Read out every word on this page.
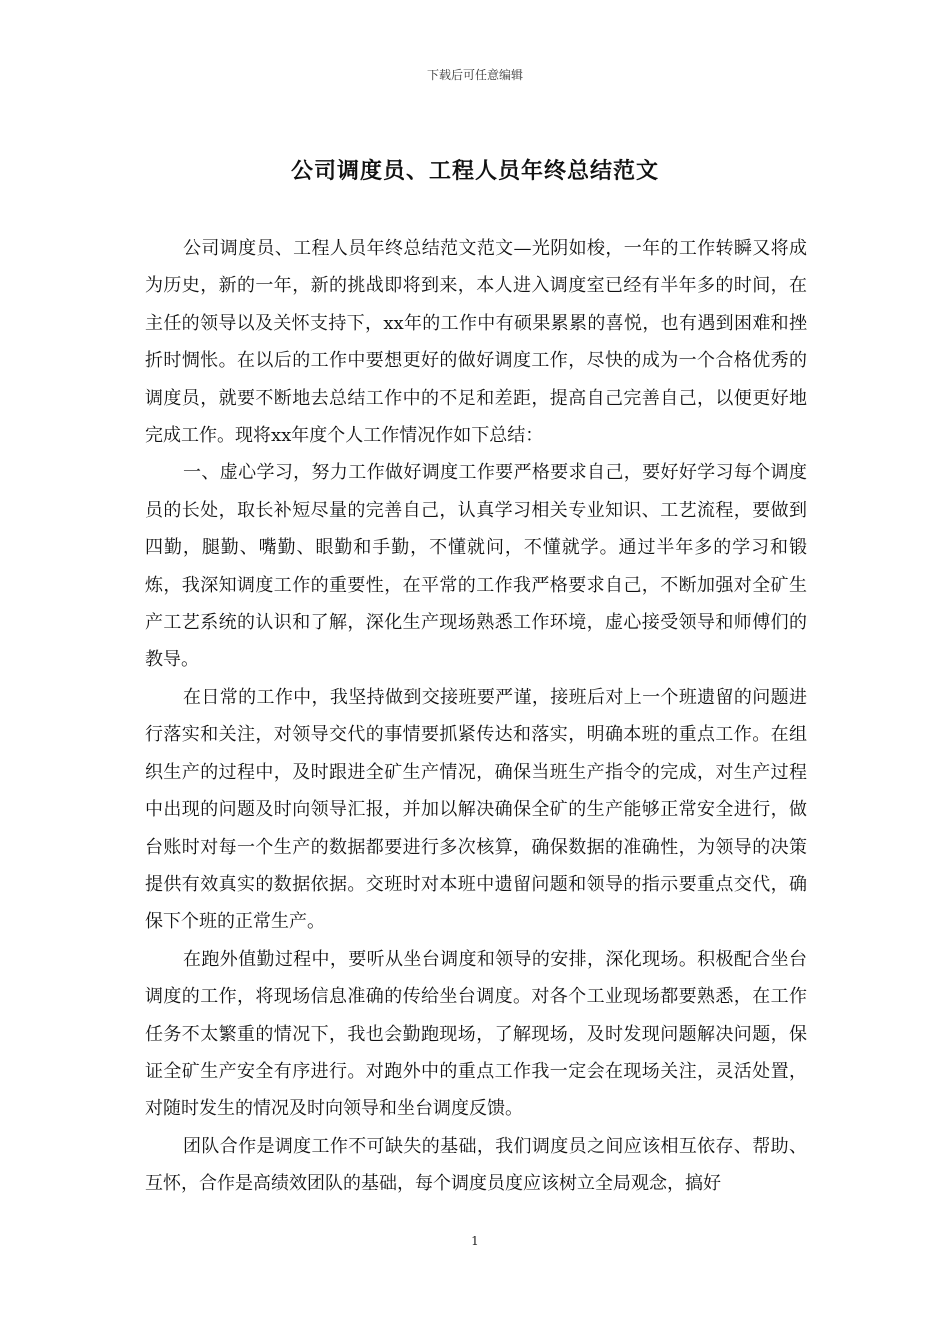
下载后可任意编辑
公司调度员、工程人员年终总结范文

公司调度员、工程人员年终总结范文范文—光阴如梭，一年的工作转瞬又将成为历史，新的一年，新的挑战即将到来，本人进入调度室已经有半年多的时间，在主任的领导以及关怀支持下，xx年的工作中有硕果累累的喜悦，也有遇到困难和挫折时惆怅。在以后的工作中要想更好的做好调度工作，尽快的成为一个合格优秀的调度员，就要不断地去总结工作中的不足和差距，提高自己完善自己，以便更好地完成工作。现将xx年度个人工作情况作如下总结：

一、虚心学习，努力工作做好调度工作要严格要求自己，要好好学习每个调度员的长处，取长补短尽量的完善自己，认真学习相关专业知识、工艺流程，要做到四勤，腿勤、嘴勤、眼勤和手勤，不懂就问，不懂就学。通过半年多的学习和锻炼，我深知调度工作的重要性，在平常的工作我严格要求自己，不断加强对全矿生产工艺系统的认识和了解，深化生产现场熟悉工作环境，虚心接受领导和师傅们的教导。

在日常的工作中，我坚持做到交接班要严谨，接班后对上一个班遗留的问题进行落实和关注，对领导交代的事情要抓紧传达和落实，明确本班的重点工作。在组织生产的过程中，及时跟进全矿生产情况，确保当班生产指令的完成，对生产过程中出现的问题及时向领导汇报，并加以解决确保全矿的生产能够正常安全进行，做台账时对每一个生产的数据都要进行多次核算，确保数据的准确性，为领导的决策提供有效真实的数据依据。交班时对本班中遗留问题和领导的指示要重点交代，确保下个班的正常生产。

在跑外值勤过程中，要听从坐台调度和领导的安排，深化现场。积极配合坐台调度的工作，将现场信息准确的传给坐台调度。对各个工业现场都要熟悉，在工作任务不太繁重的情况下，我也会勤跑现场，了解现场，及时发现问题解决问题，保证全矿生产安全有序进行。对跑外中的重点工作我一定会在现场关注，灵活处置，对随时发生的情况及时向领导和坐台调度反馈。

团队合作是调度工作不可缺失的基础，我们调度员之间应该相互依存、帮助、互怀，合作是高绩效团队的基础，每个调度员度应该树立全局观念，搞好

1
